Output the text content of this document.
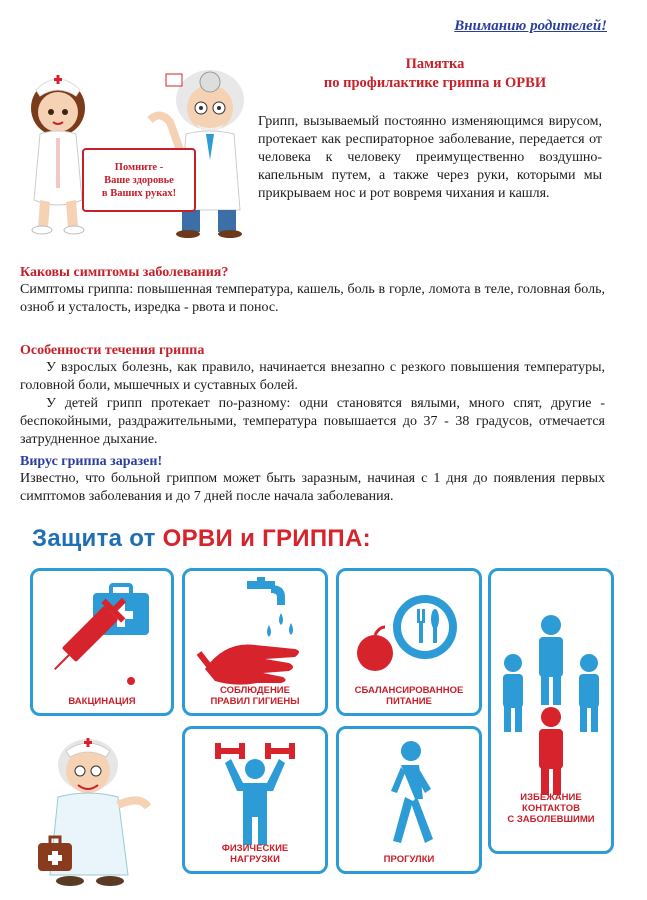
Вниманию родителей!
Помните -
Ваше здоровье
в Ваших руках!
Памятка
по профилактике гриппа и ОРВИ
Грипп, вызываемый постоянно изменяющимся вирусом, протекает как респираторное заболевание, передается от человека к человеку преимущественно воздушно-капельным путем, а также через руки, которыми мы прикрываем нос и рот вовремя чихания и кашля.
Каковы симптомы заболевания?
Симптомы гриппа: повышенная температура, кашель, боль в горле, ломота в теле, головная боль, озноб и усталость, изредка - рвота и понос.
Особенности течения гриппа
У взрослых болезнь, как правило, начинается внезапно с резкого повышения температуры, головной боли, мышечных и суставных болей.
У детей грипп протекает по-разному: одни становятся вялыми, много спят, другие - беспокойными, раздражительными, температура повышается до 37 - 38 градусов, отмечается затрудненное дыхание.
Вирус гриппа заразен!
Известно, что больной гриппом может быть заразным, начиная с 1 дня до появления первых симптомов заболевания и до 7 дней после начала заболевания.
Защита от ОРВИ и ГРИППА:
ВАКЦИНАЦИЯ
СОБЛЮДЕНИЕ
ПРАВИЛ ГИГИЕНЫ
СБАЛАНСИРОВАННОЕ
ПИТАНИЕ
ИЗБЕЖАНИЕ
КОНТАКТОВ
С ЗАБОЛЕВШИМИ
ФИЗИЧЕСКИЕ
НАГРУЗКИ	ПРОГУЛКИ
